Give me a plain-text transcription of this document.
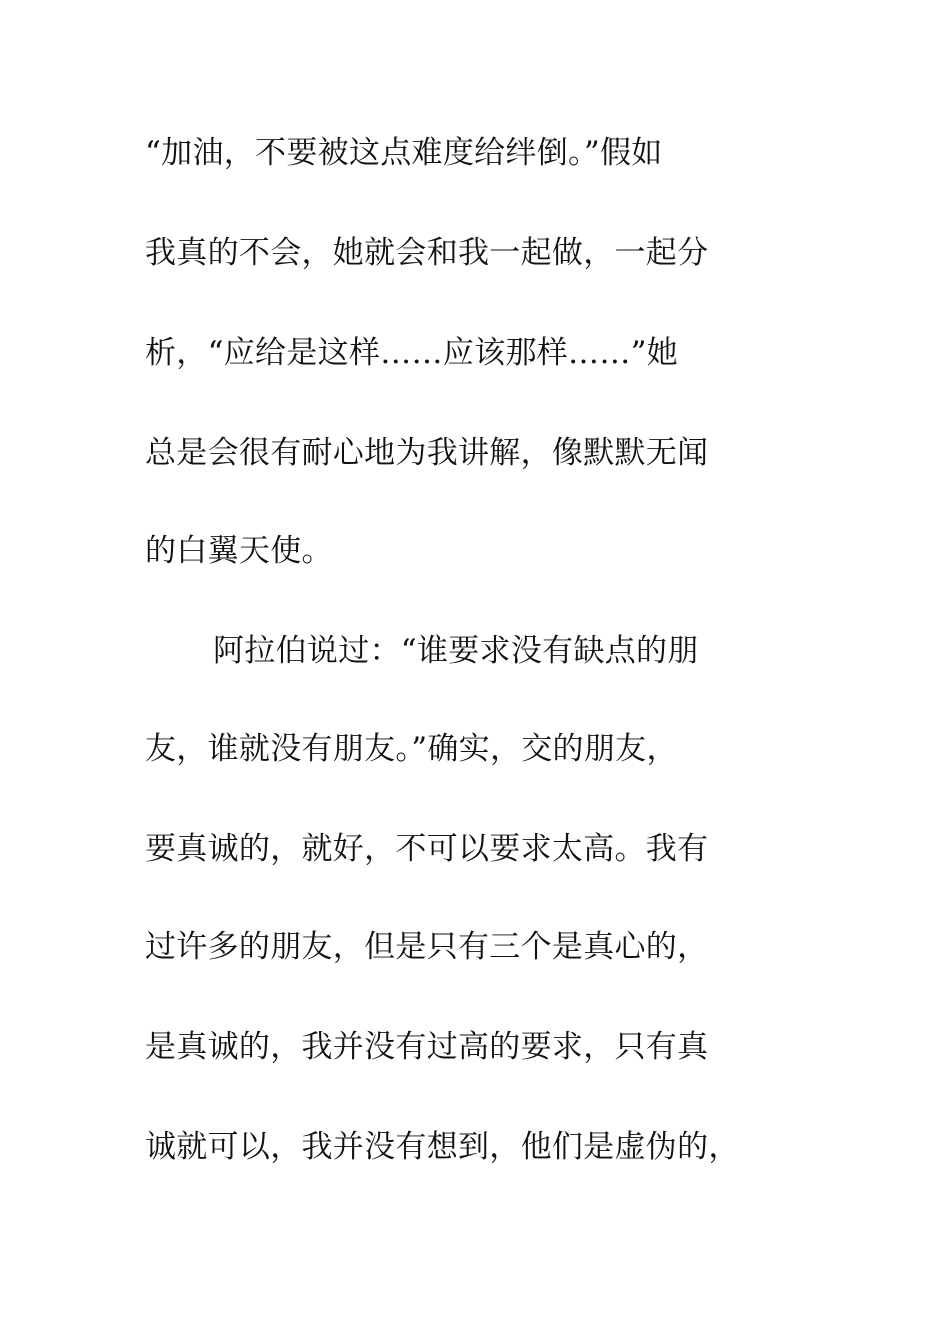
“加油，不要被这点难度给绊倒。”假如
我真的不会，她就会和我一起做，一起分
析，“应给是这样……应该那样……”她
总是会很有耐心地为我讲解，像默默无闻
的白翼天使。
阿拉伯说过：“谁要求没有缺点的朋
友，谁就没有朋友。”确实，交的朋友，
要真诚的，就好，不可以要求太高。我有
过许多的朋友，但是只有三个是真心的，
是真诚的，我并没有过高的要求，只有真
诚就可以，我并没有想到，他们是虚伪的，
